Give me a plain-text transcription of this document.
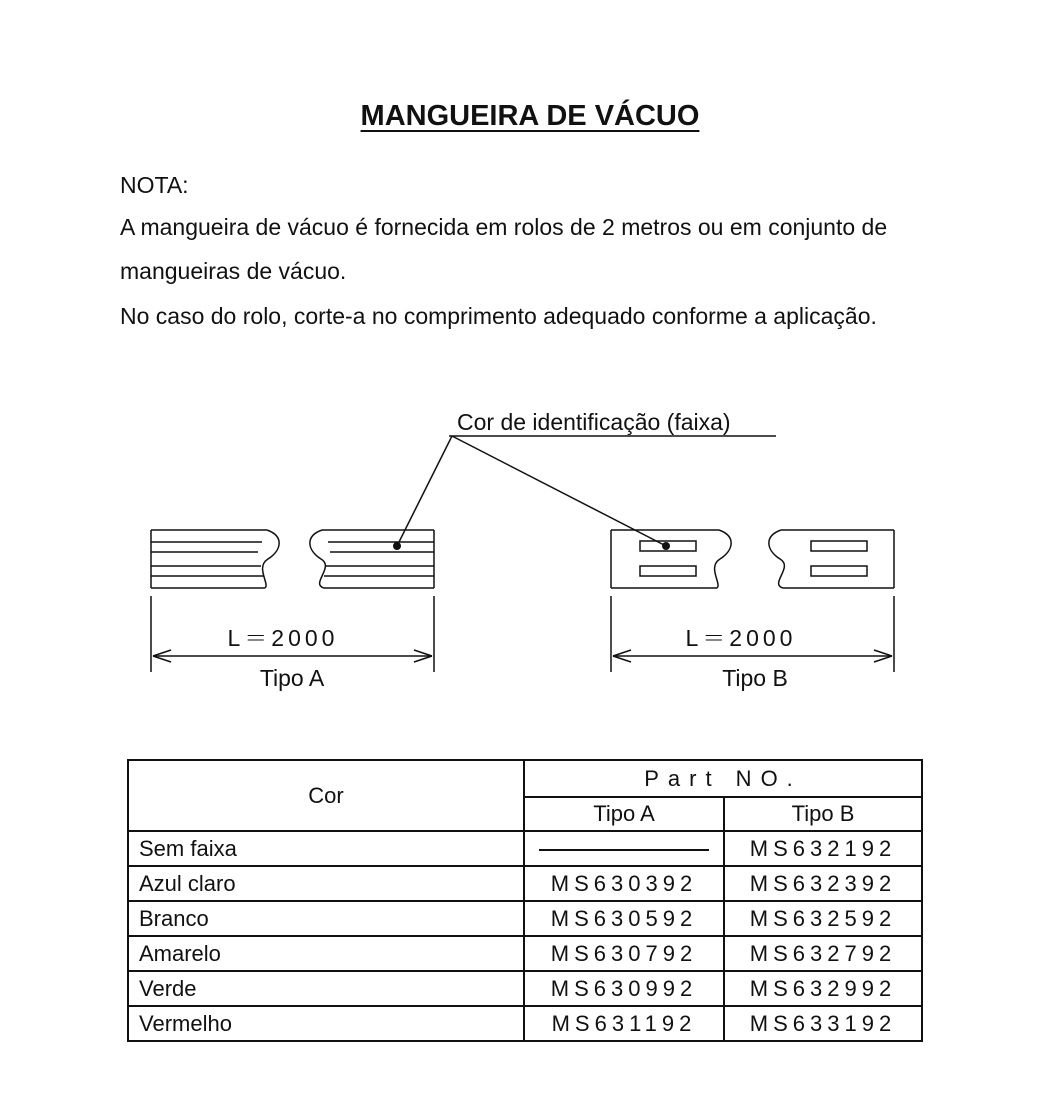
MANGUEIRA DE VÁCUO
NOTA:
A mangueira de vácuo é fornecida em rolos de 2 metros ou em conjunto de
mangueiras de vácuo.
No caso do rolo, corte-a no comprimento adequado conforme a aplicação.
Cor de identificação (faixa)
L＝2000
Tipo A
L＝2000
Tipo B
Cor	Part NO.	
	Tipo A	Tipo B
Sem faixa		MS632192
Azul claro	MS630392	MS632392
Branco	MS630592	MS632592
Amarelo	MS630792	MS632792
Verde	MS630992	MS632992
Vermelho	MS631192	MS633192
